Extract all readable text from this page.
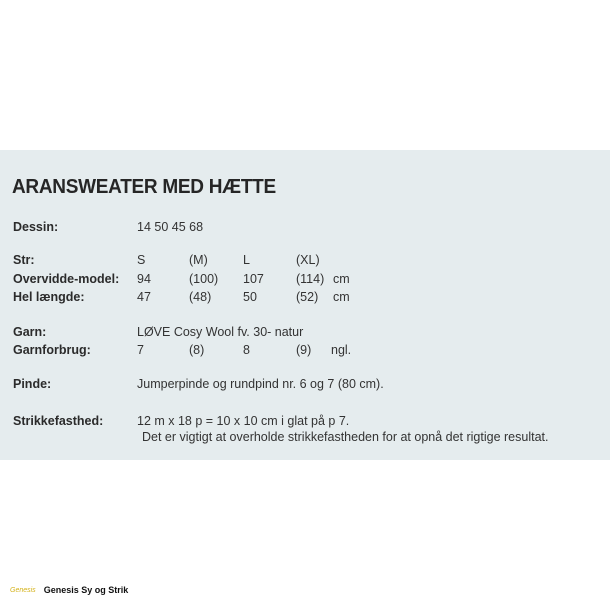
ARANSWEATER MED HÆTTE
Dessin:	14 50 45 68
Str:	S	(M)	L	(XL)
Overvidde-model: 94	(100) 107	(114) cm
Hel længde:	47	(48)	50	(52) cm
Garn:	LØVE Cosy Wool fv. 30- natur
Garnforbrug:	7	(8)	8	(9) ngl.
Pinde:	Jumperpinde og rundpind nr. 6 og 7 (80 cm).
Strikkefasthed:	12 m x 18 p = 10 x 10 cm i glat på p 7.
Det er vigtigt at overholde strikkefastheden for at opnå det rigtige resultat.
Genesis Genesis Sy og Strik
